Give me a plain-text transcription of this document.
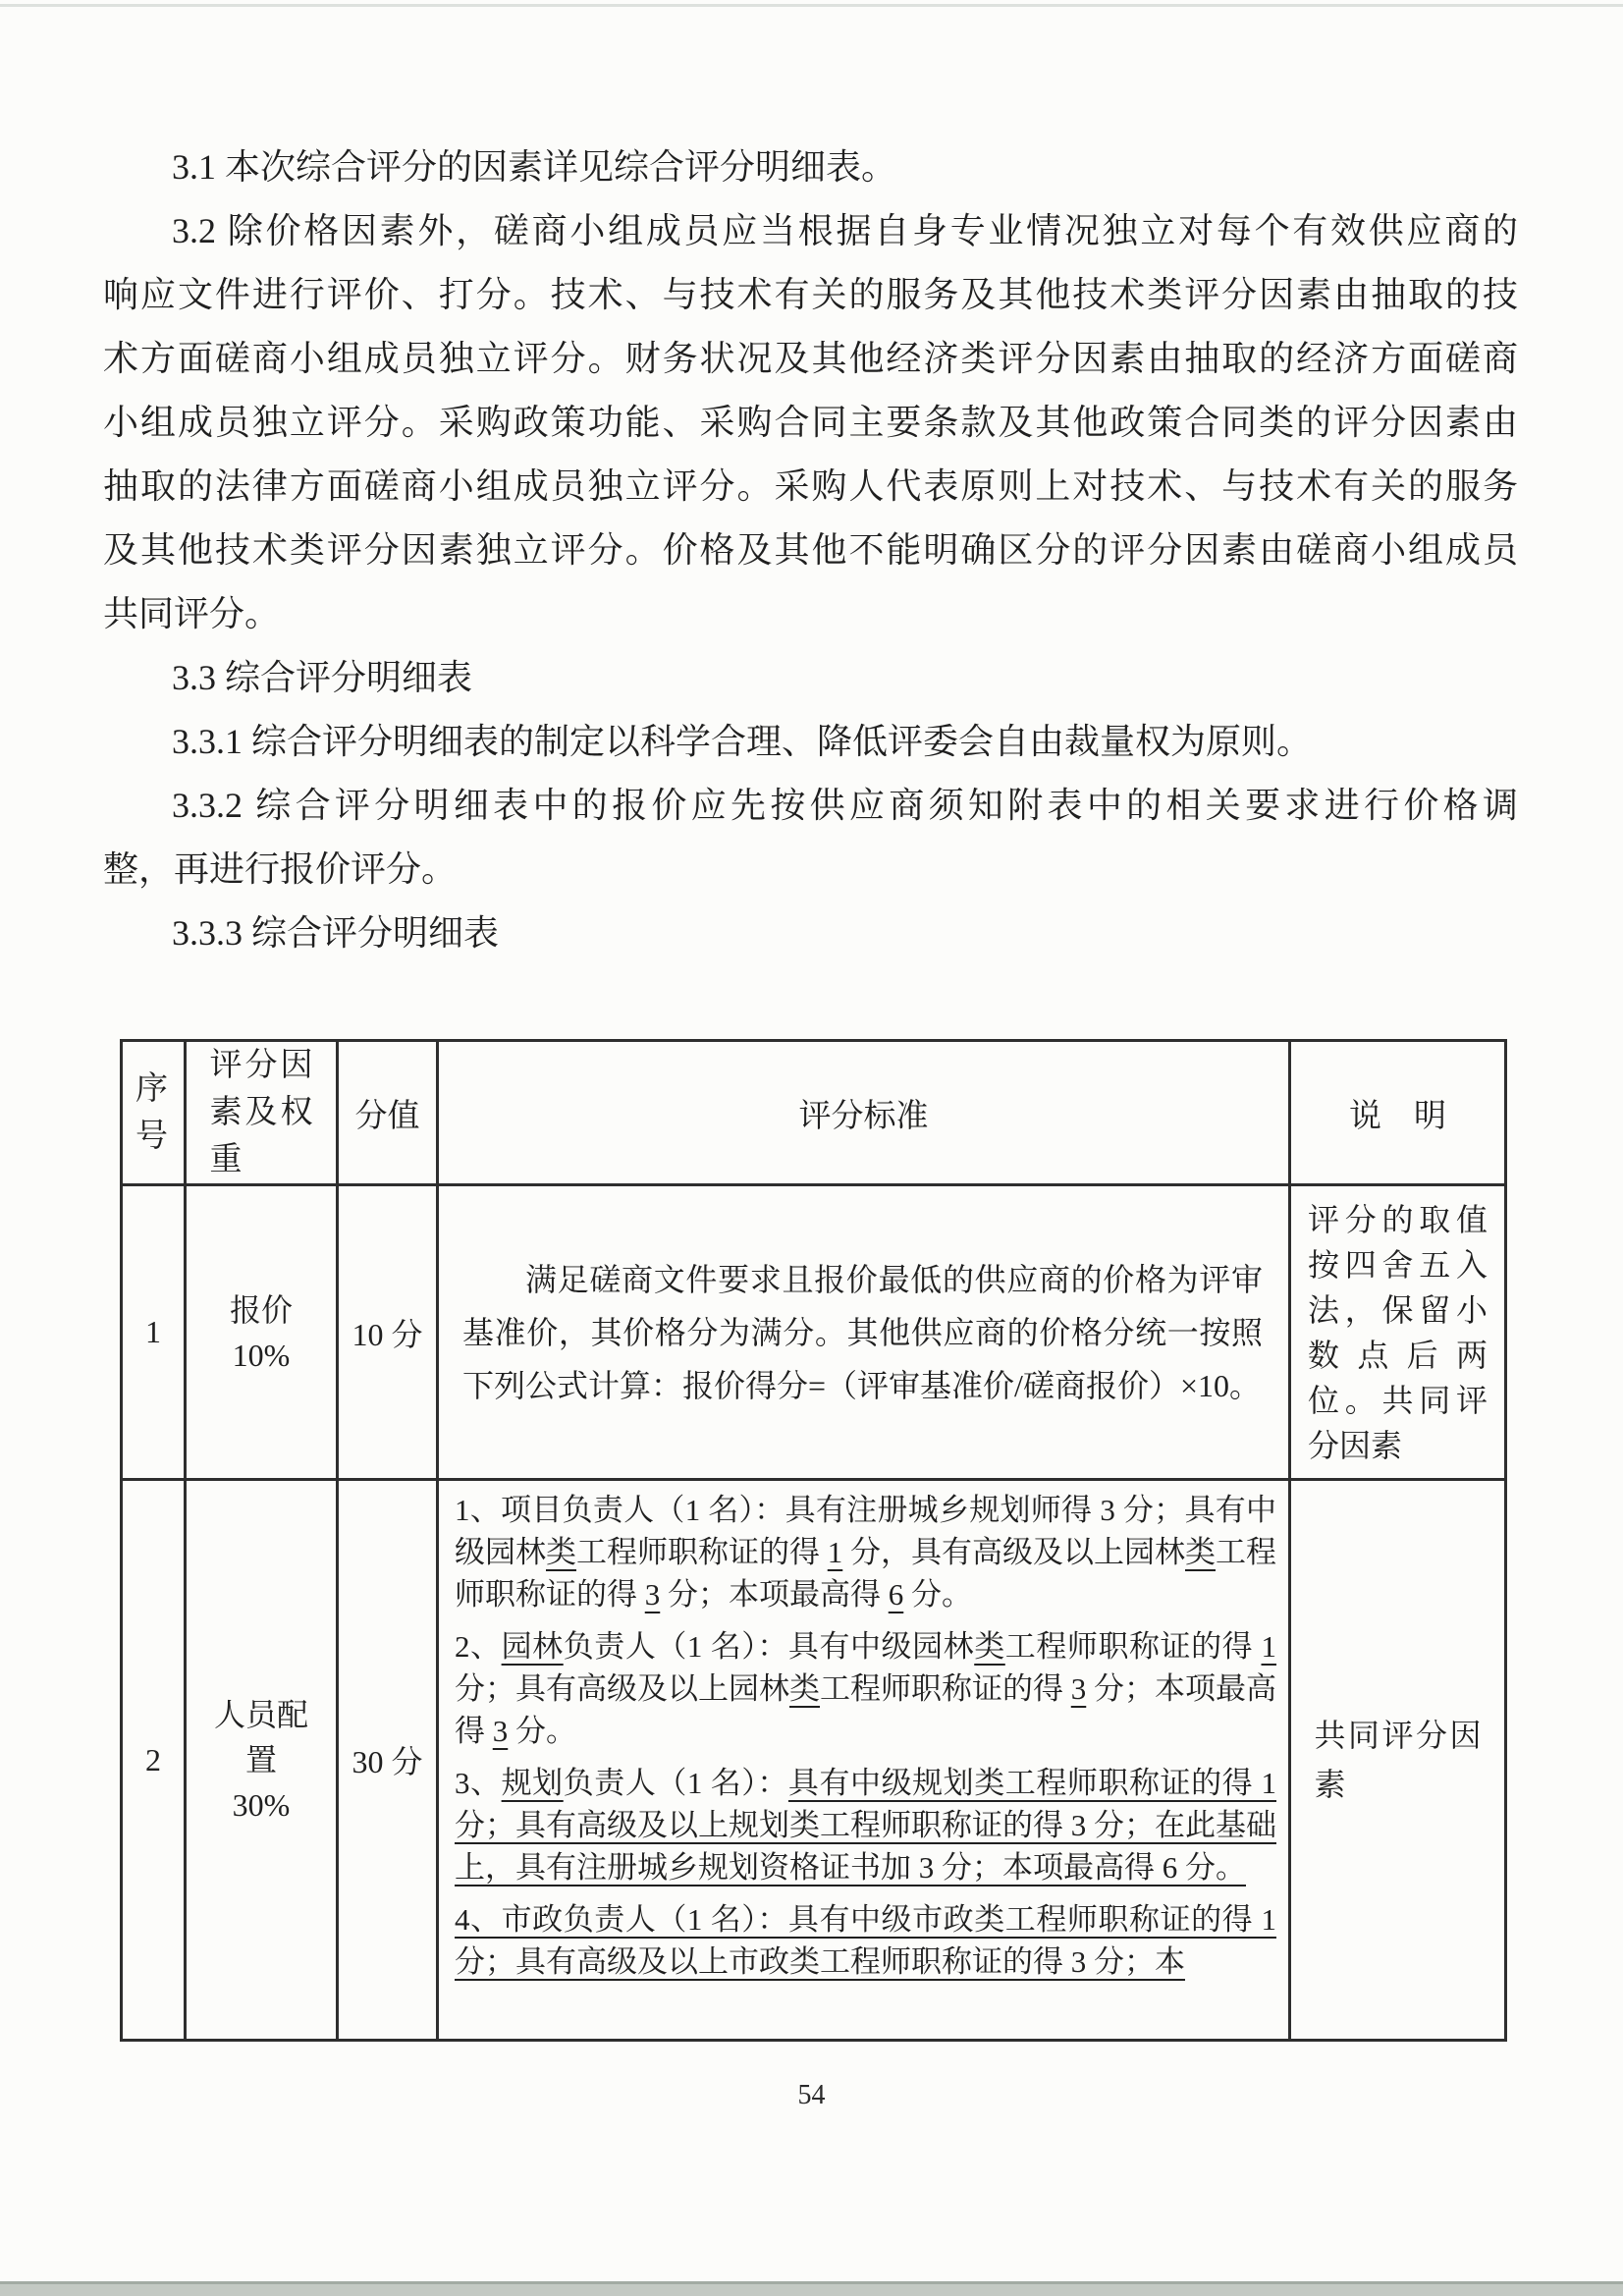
3.1 本次综合评分的因素详见综合评分明细表。
3.2 除价格因素外，磋商小组成员应当根据自身专业情况独立对每个有效供应商的
响应文件进行评价、打分。技术、与技术有关的服务及其他技术类评分因素由抽取的技
术方面磋商小组成员独立评分。财务状况及其他经济类评分因素由抽取的经济方面磋商
小组成员独立评分。采购政策功能、采购合同主要条款及其他政策合同类的评分因素由
抽取的法律方面磋商小组成员独立评分。采购人代表原则上对技术、与技术有关的服务
及其他技术类评分因素独立评分。价格及其他不能明确区分的评分因素由磋商小组成员
共同评分。
3.3 综合评分明细表
3.3.1 综合评分明细表的制定以科学合理、降低评委会自由裁量权为原则。
3.3.2 综合评分明细表中的报价应先按供应商须知附表中的相关要求进行价格调
整，再进行报价评分。
3.3.3 综合评分明细表
序号
评分因素及权重
分值	评分标准	说　明
1
报价
10%
10 分

满足磋商文件要求且报价最低的供应商的价格为评审基准价，其价格分为满分。其他供应商的价格分统一按照下列公式计算：报价得分=（评审基准价/磋商报价）×10。

评分的取值按四舍五入法，保留小数点后两位。共同评分因素
2
人员配置
30%
30 分

1、项目负责人（1 名）：具有注册城乡规划师得 3 分；具有中级园林类工程师职称证的得 1 分，具有高级及以上园林类工程师职称证的得 3 分；本项最高得 6 分。

2、园林负责人（1 名）：具有中级园林类工程师职称证的得 1 分；具有高级及以上园林类工程师职称证的得 3 分；本项最高得 3 分。

3、规划负责人（1 名）：具有中级规划类工程师职称证的得 1 分；具有高级及以上规划类工程师职称证的得 3 分；在此基础上，具有注册城乡规划资格证书加 3 分；本项最高得 6 分。

4、市政负责人（1 名）：具有中级市政类工程师职称证的得 1 分；具有高级及以上市政类工程师职称证的得 3 分；本

共同评分因素
54
